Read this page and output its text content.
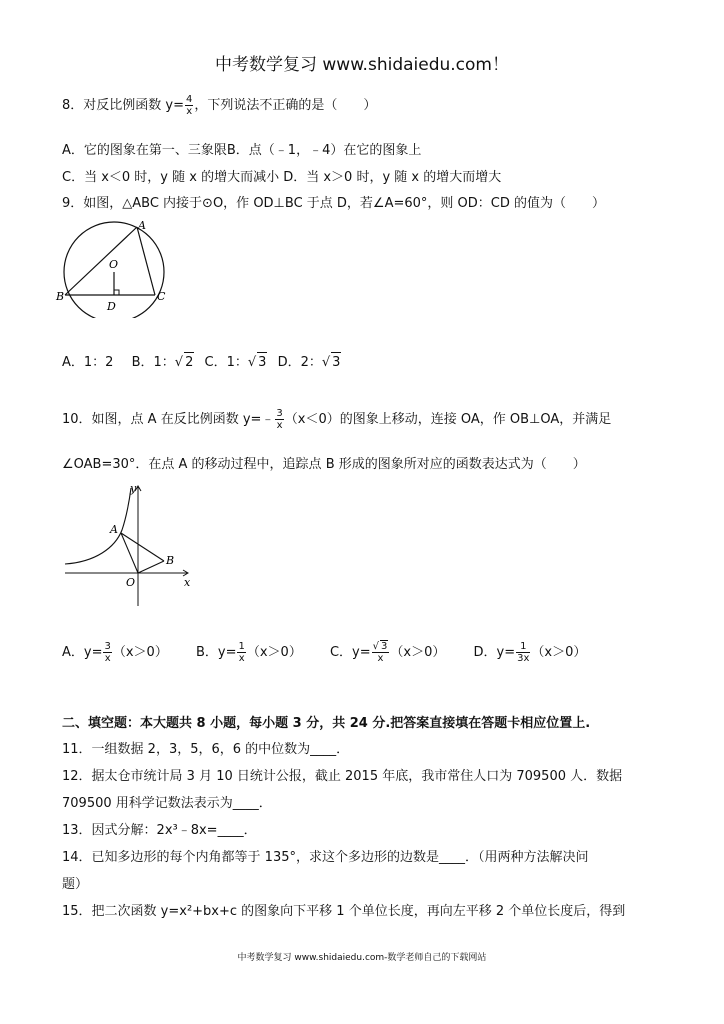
中考数学复习 www.shidaiedu.com！
8．对反比例函数 $y= \frac{4}{x}$ ，下列说法不正确的是（　　）
A．它的图象在第一、三象限B．点（﹣1，﹣4）在它的图象上
C．当 x＜0 时，y 随 x 的增大而减小 D．当 x＞0 时，y 随 x 的增大而增大
9．如图，△ABC 内接于⊙O，作 OD⊥BC 于点 D，若∠A=60°，则 OD：CD 的值为（　　）
A
B	C
O
D
A．1：2 B．1：√ 2 C．1：√ 3 D．2：√ 3
10．如图，点 A 在反比例函数 y=﹣ $\frac{3}{x} (x<0)$的图象上移动，连接 OA，作 OB⊥OA，并满足
∠OAB=30°．在点 A 的移动过程中，追踪点 B 形成的图象所对应的函数表达式为（　　）
y
x
A
B
O
A．$y= \frac{3}{x} (x>0)$ B．$y= \frac{1}{x} (x>0)$ C．$y= \frac{√ 3}{x} (x>0)$ D．$y= \frac{1}{3x} (x>0)$
二、填空题：本大题共 8 小题，每小题 3 分，共 24 分.把答案直接填在答题卡相应位置上.
11．一组数据 2，3，5，6，6 的中位数为____．
12．据太仓市统计局 3 月 10 日统计公报，截止 2015 年底，我市常住人口为 709500 人．数据
709500 用科学记数法表示为____．
13．因式分解：2x³﹣8x=____．
14．已知多边形的每个内角都等于 135°，求这个多边形的边数是____．（用两种方法解决问
题）
15．把二次函数 y=x²+bx+c 的图象向下平移 1 个单位长度，再向左平移 2 个单位长度后，得到
中考数学复习 www.shidaiedu.com-数学老师自己的下载网站
